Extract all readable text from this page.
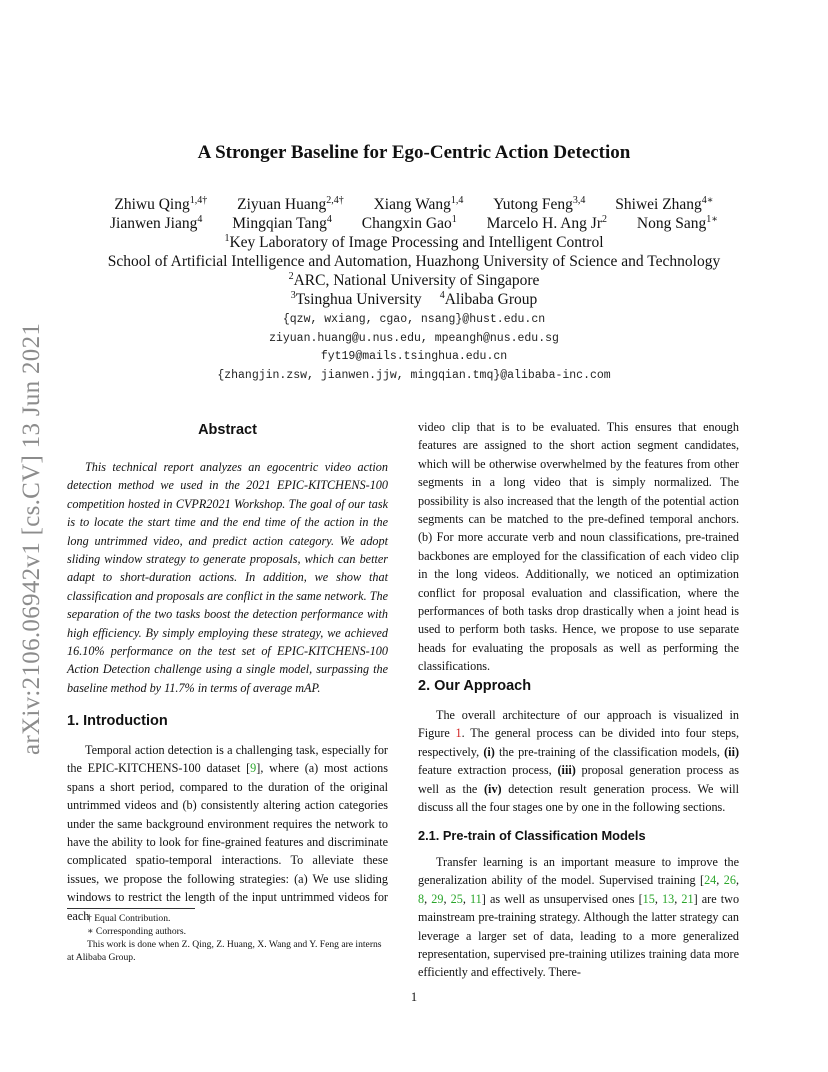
arXiv:2106.06942v1 [cs.CV] 13 Jun 2021
A Stronger Baseline for Ego-Centric Action Detection
Zhiwu Qing$^{1,4\dagger}$ Ziyuan Huang$^{2,4\dagger}$ Xiang Wang$^{1,4}$ Yutong Feng$^{3,4}$ Shiwei Zhang$^{4∗}$
Jianwen Jiang$^4$ Mingqian Tang$^4$ Changxin Gao$^1$ Marcelo H. Ang Jr$^2$ Nong Sang$^{1∗}$
$^1$Key Laboratory of Image Processing and Intelligent Control
School of Artificial Intelligence and Automation, Huazhong University of Science and Technology
$^2$ARC, National University of Singapore
$^3$Tsinghua University $^4$Alibaba Group
{qzw, wxiang, cgao, nsang}@hust.edu.cn
ziyuan.huang@u.nus.edu, mpeangh@nus.edu.sg
fyt19@mails.tsinghua.edu.cn
{zhangjin.zsw, jianwen.jjw, mingqian.tmq}@alibaba-inc.com
Abstract

This technical report analyzes an egocentric video action detection method we used in the 2021 EPIC-KITCHENS-100 competition hosted in CVPR2021 Workshop. The goal of our task is to locate the start time and the end time of the action in the long untrimmed video, and predict action category. We adopt sliding window strategy to generate proposals, which can better adapt to short-duration actions. In addition, we show that classification and proposals are conflict in the same network. The separation of the two tasks boost the detection performance with high efficiency. By simply employing these strategy, we achieved 16.10% performance on the test set of EPIC-KITCHENS-100 Action Detection challenge using a single model, surpassing the baseline method by 11.7% in terms of average mAP.

1. Introduction

Temporal action detection is a challenging task, especially for the EPIC-KITCHENS-100 dataset [9], where (a) most actions spans a short period, compared to the duration of the original untrimmed videos and (b) consistently altering action categories under the same background environment requires the network to have the ability to look for fine-grained features and discriminate complicated spatio-temporal interactions. To alleviate these issues, we propose the following strategies: (a) We use sliding windows to restrict the length of the input untrimmed videos for each

† Equal Contribution.

∗ Corresponding authors.

This work is done when Z. Qing, Z. Huang, X. Wang and Y. Feng are interns at Alibaba Group.

video clip that is to be evaluated. This ensures that enough features are assigned to the short action segment candidates, which will be otherwise overwhelmed by the features from other segments in a long video that is simply normalized. The possibility is also increased that the length of the potential action segments can be matched to the pre-defined temporal anchors. (b) For more accurate verb and noun classifications, pre-trained backbones are employed for the classification of each video clip in the long videos. Additionally, we noticed an optimization conflict for proposal evaluation and classification, where the performances of both tasks drop drastically when a joint head is used to perform both tasks. Hence, we propose to use separate heads for evaluating the proposals as well as performing the classifications.

2. Our Approach

The overall architecture of our approach is visualized in Figure 1. The general process can be divided into four steps, respectively, (i) the pre-training of the classification models, (ii) feature extraction process, (iii) proposal generation process as well as the (iv) detection result generation process. We will discuss all the four stages one by one in the following sections.

2.1. Pre-train of Classification Models

Transfer learning is an important measure to improve the generalization ability of the model. Supervised training [24, 26, 8, 29, 25, 11] as well as unsupervised ones [15, 13, 21] are two mainstream pre-training strategy. Although the latter strategy can leverage a larger set of data, leading to a more generalized representation, supervised pre-training utilizes training data more efficiently and effectively. There-

1
